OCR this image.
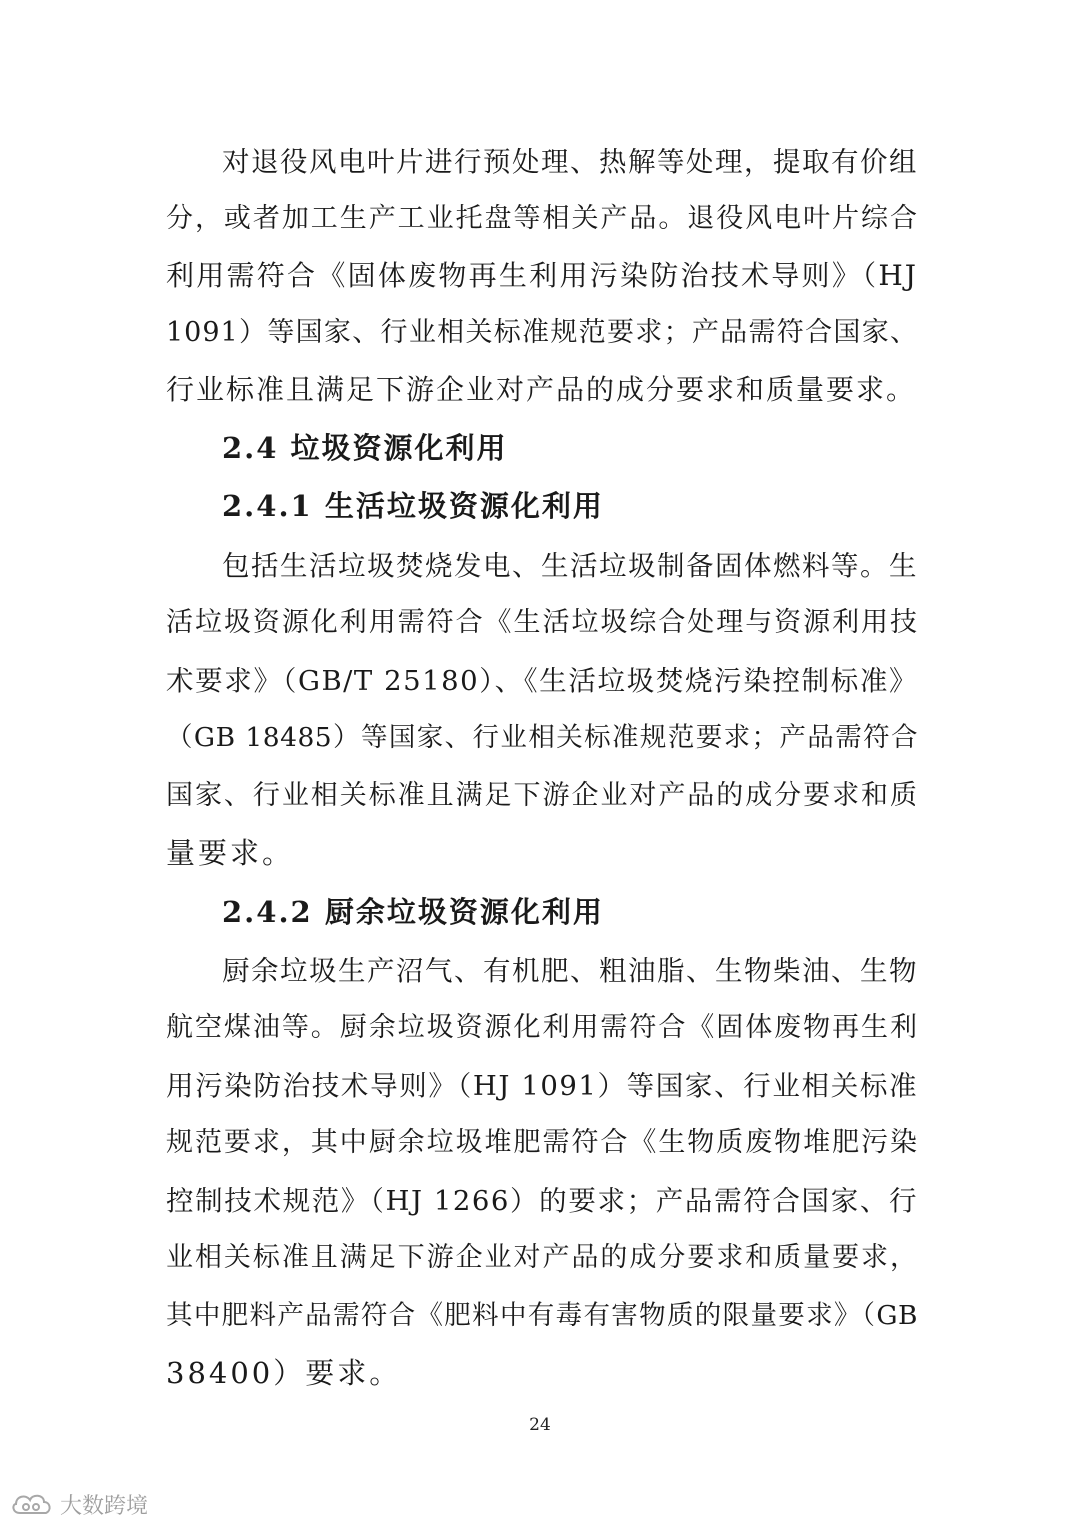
对退役风电叶片进行预处理、热解等处理，提取有价组
分，或者加工生产工业托盘等相关产品。退役风电叶片综合
利用需符合《固体废物再生利用污染防治技术导则》（HJ
1091）等国家、行业相关标准规范要求；产品需符合国家、
行业标准且满足下游企业对产品的成分要求和质量要求。
2.4 垃圾资源化利用
2.4.1 生活垃圾资源化利用
包括生活垃圾焚烧发电、生活垃圾制备固体燃料等。生
活垃圾资源化利用需符合《生活垃圾综合处理与资源利用技
术要求》（GB/T 25180）、《生活垃圾焚烧污染控制标准》
（GB 18485）等国家、行业相关标准规范要求；产品需符合
国家、行业相关标准且满足下游企业对产品的成分要求和质
量要求。
2.4.2 厨余垃圾资源化利用
厨余垃圾生产沼气、有机肥、粗油脂、生物柴油、生物
航空煤油等。厨余垃圾资源化利用需符合《固体废物再生利
用污染防治技术导则》（HJ 1091）等国家、行业相关标准
规范要求，其中厨余垃圾堆肥需符合《生物质废物堆肥污染
控制技术规范》（HJ 1266）的要求；产品需符合国家、行
业相关标准且满足下游企业对产品的成分要求和质量要求，
其中肥料产品需符合《肥料中有毒有害物质的限量要求》（GB
38400）要求。
24
大数跨境
